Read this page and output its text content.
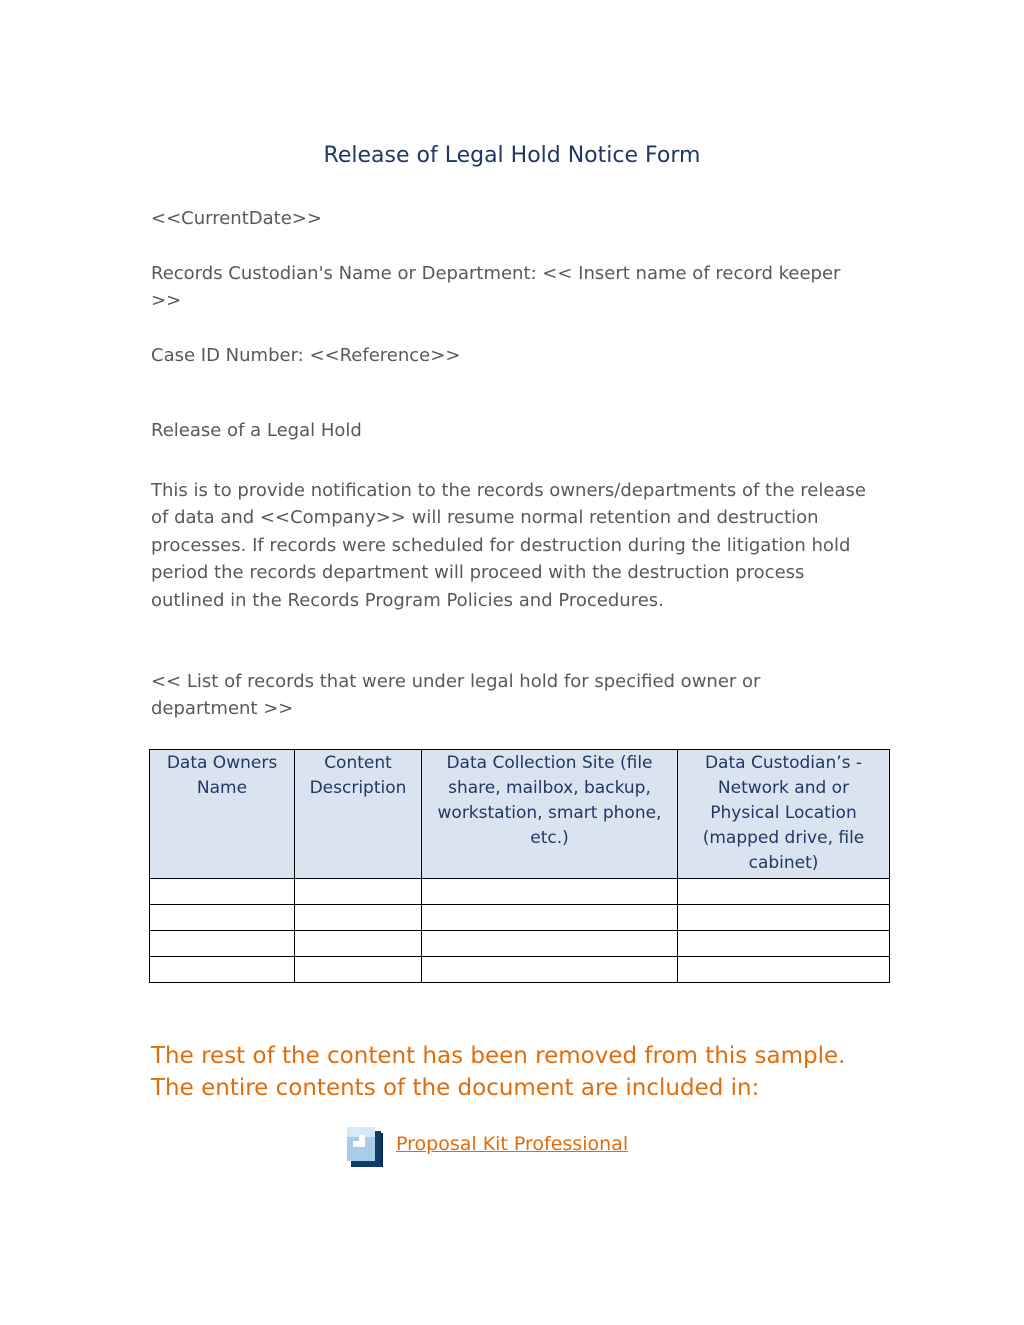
Release of Legal Hold Notice Form

<<CurrentDate>>

Records Custodian's Name or Department: << Insert name of record keeper >>

Case ID Number: <<Reference>>

Release of a Legal Hold

This is to provide notification to the records owners/departments of the release of data and <<Company>> will resume normal retention and destruction processes. If records were scheduled for destruction during the litigation hold period the records department will proceed with the destruction process outlined in the Records Program Policies and Procedures.

<< List of records that were under legal hold for specified owner or department >>

Data Owners Name	Content Description	Data Collection Site (file share, mailbox, backup, workstation, smart phone, etc.)	Data Custodian’s - Network and or Physical Location (mapped drive, file cabinet)

The rest of the content has been removed from this sample. The entire contents of the document are included in:

Proposal Kit Professional
